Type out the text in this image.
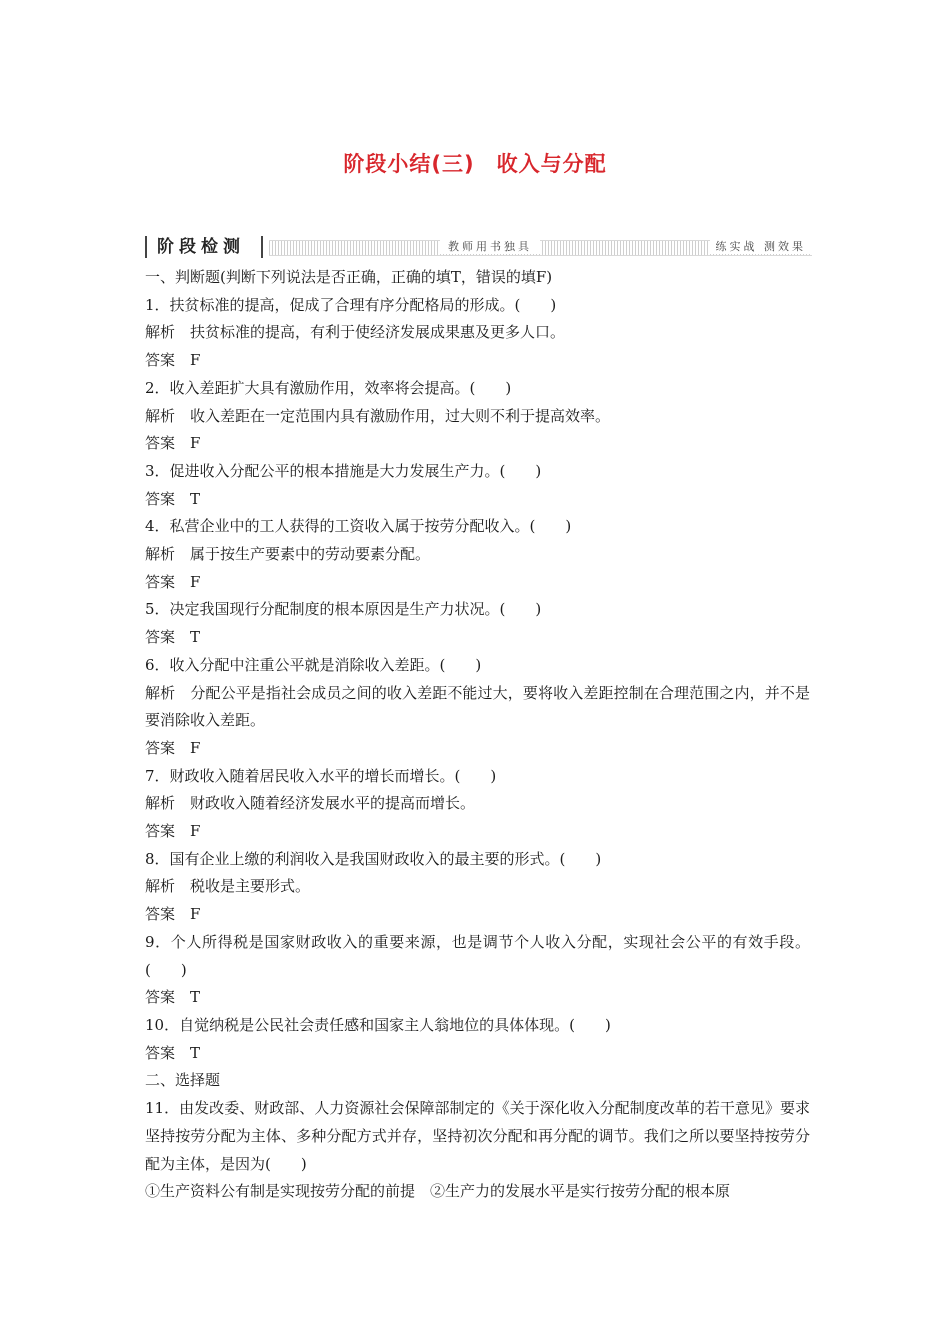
阶段小结(三)　收入与分配
阶段检测	教师用书独具	练实战 测效果

一、判断题(判断下列说法是否正确，正确的填T，错误的填F)

1．扶贫标准的提高，促成了合理有序分配格局的形成。(　　)

解析　扶贫标准的提高，有利于使经济发展成果惠及更多人口。

答案　F

2．收入差距扩大具有激励作用，效率将会提高。(　　)

解析　收入差距在一定范围内具有激励作用，过大则不利于提高效率。

答案　F

3．促进收入分配公平的根本措施是大力发展生产力。(　　)

答案　T

4．私营企业中的工人获得的工资收入属于按劳分配收入。(　　)

解析　属于按生产要素中的劳动要素分配。

答案　F

5．决定我国现行分配制度的根本原因是生产力状况。(　　)

答案　T

6．收入分配中注重公平就是消除收入差距。(　　)

解析　分配公平是指社会成员之间的收入差距不能过大，要将收入差距控制在合理范围之内，并不是要消除收入差距。

答案　F

7．财政收入随着居民收入水平的增长而增长。(　　)

解析　财政收入随着经济发展水平的提高而增长。

答案　F

8．国有企业上缴的利润收入是我国财政收入的最主要的形式。(　　)

解析　税收是主要形式。

答案　F

9．个人所得税是国家财政收入的重要来源，也是调节个人收入分配，实现社会公平的有效手段。(　　)

答案　T

10．自觉纳税是公民社会责任感和国家主人翁地位的具体体现。(　　)

答案　T

二、选择题

11．由发改委、财政部、人力资源社会保障部制定的《关于深化收入分配制度改革的若干意见》要求坚持按劳分配为主体、多种分配方式并存，坚持初次分配和再分配的调节。我们之所以要坚持按劳分配为主体，是因为(　　)

①生产资料公有制是实现按劳分配的前提　②生产力的发展水平是实行按劳分配的根本原
